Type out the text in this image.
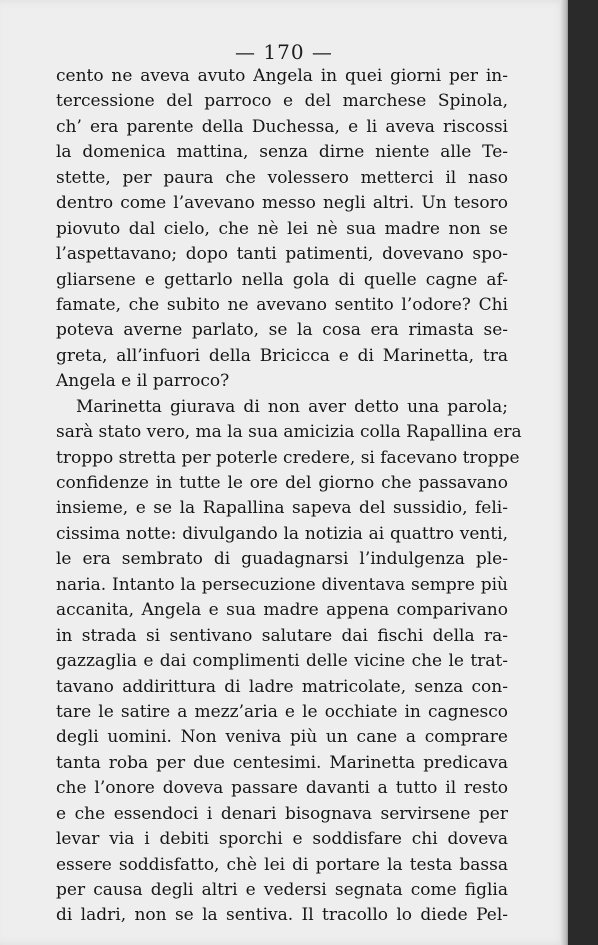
— 170 —
cento ne aveva avuto Angela in quei giorni per in-
tercessione del parroco e del marchese Spinola,
ch’ era parente della Duchessa, e li aveva riscossi
la domenica mattina, senza dirne niente alle Te-
stette, per paura che volessero metterci il naso
dentro come l’avevano messo negli altri. Un tesoro
piovuto dal cielo, che nè lei nè sua madre non se
l’aspettavano; dopo tanti patimenti, dovevano spo-
gliarsene e gettarlo nella gola di quelle cagne af-
famate, che subito ne avevano sentito l’odore? Chi
poteva averne parlato, se la cosa era rimasta se-
greta, all’infuori della Bricicca e di Marinetta, tra
Angela e il parroco?
Marinetta giurava di non aver detto una parola;
sarà stato vero, ma la sua amicizia colla Rapallina era
troppo stretta per poterle credere, si facevano troppe
confidenze in tutte le ore del giorno che passavano
insieme, e se la Rapallina sapeva del sussidio, feli-
cissima notte: divulgando la notizia ai quattro venti,
le era sembrato di guadagnarsi l’indulgenza ple-
naria. Intanto la persecuzione diventava sempre più
accanita, Angela e sua madre appena comparivano
in strada si sentivano salutare dai fischi della ra-
gazzaglia e dai complimenti delle vicine che le trat-
tavano addirittura di ladre matricolate, senza con-
tare le satire a mezz’aria e le occhiate in cagnesco
degli uomini. Non veniva più un cane a comprare
tanta roba per due centesimi. Marinetta predicava
che l’onore doveva passare davanti a tutto il resto
e che essendoci i denari bisognava servirsene per
levar via i debiti sporchi e soddisfare chi doveva
essere soddisfatto, chè lei di portare la testa bassa
per causa degli altri e vedersi segnata come figlia
di ladri, non se la sentiva. Il tracollo lo diede Pel-
